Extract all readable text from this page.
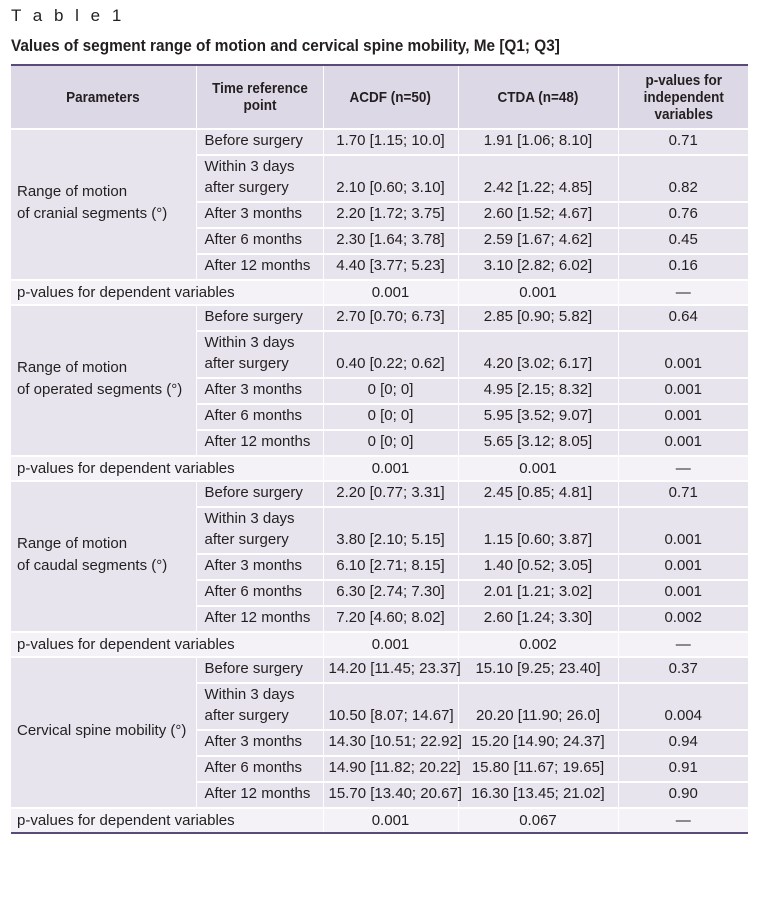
T a b l e 1
Values of segment range of motion and cervical spine mobility, Me [Q1; Q3]
Parameters	Time reference point	ACDF (n=50)	CTDA (n=48)	p-values for independent variables

Range of motion
of cranial segments (°)	Before surgery	1.70 [1.15; 10.0]	1.91 [1.06; 8.10]	0.71

	Within 3 days
after surgery	2.10 [0.60; 3.10]	2.42 [1.22; 4.85]	0.82
	After 3 months	2.20 [1.72; 3.75]	2.60 [1.52; 4.67]	0.76
	After 6 months	2.30 [1.64; 3.78]	2.59 [1.67; 4.62]	0.45
	After 12 months	4.40 [3.77; 5.23]	3.10 [2.82; 6.02]	0.16
p-values for dependent variables		0.001	0.001	—

Range of motion
of operated segments (°)	Before surgery	2.70 [0.70; 6.73]	2.85 [0.90; 5.82]	0.64

	Within 3 days
after surgery	0.40 [0.22; 0.62]	4.20 [3.02; 6.17]	0.001
	After 3 months	0 [0; 0]	4.95 [2.15; 8.32]	0.001
	After 6 months	0 [0; 0]	5.95 [3.52; 9.07]	0.001
	After 12 months	0 [0; 0]	5.65 [3.12; 8.05]	0.001
p-values for dependent variables		0.001	0.001	—

Range of motion
of caudal segments (°)	Before surgery	2.20 [0.77; 3.31]	2.45 [0.85; 4.81]	0.71

	Within 3 days
after surgery	3.80 [2.10; 5.15]	1.15 [0.60; 3.87]	0.001
	After 3 months	6.10 [2.71; 8.15]	1.40 [0.52; 3.05]	0.001
	After 6 months	6.30 [2.74; 7.30]	2.01 [1.21; 3.02]	0.001
	After 12 months	7.20 [4.60; 8.02]	2.60 [1.24; 3.30]	0.002
p-values for dependent variables		0.001	0.002	—

Cervical spine mobility (°)	Before surgery	14.20 [11.45; 23.37]	15.10 [9.25; 23.40]	0.37

	Within 3 days
after surgery	10.50 [8.07; 14.67]	20.20 [11.90; 26.0]	0.004
	After 3 months	14.30 [10.51; 22.92]	15.20 [14.90; 24.37]	0.94
	After 6 months	14.90 [11.82; 20.22]	15.80 [11.67; 19.65]	0.91
	After 12 months	15.70 [13.40; 20.67]	16.30 [13.45; 21.02]	0.90
p-values for dependent variables		0.001	0.067	—
